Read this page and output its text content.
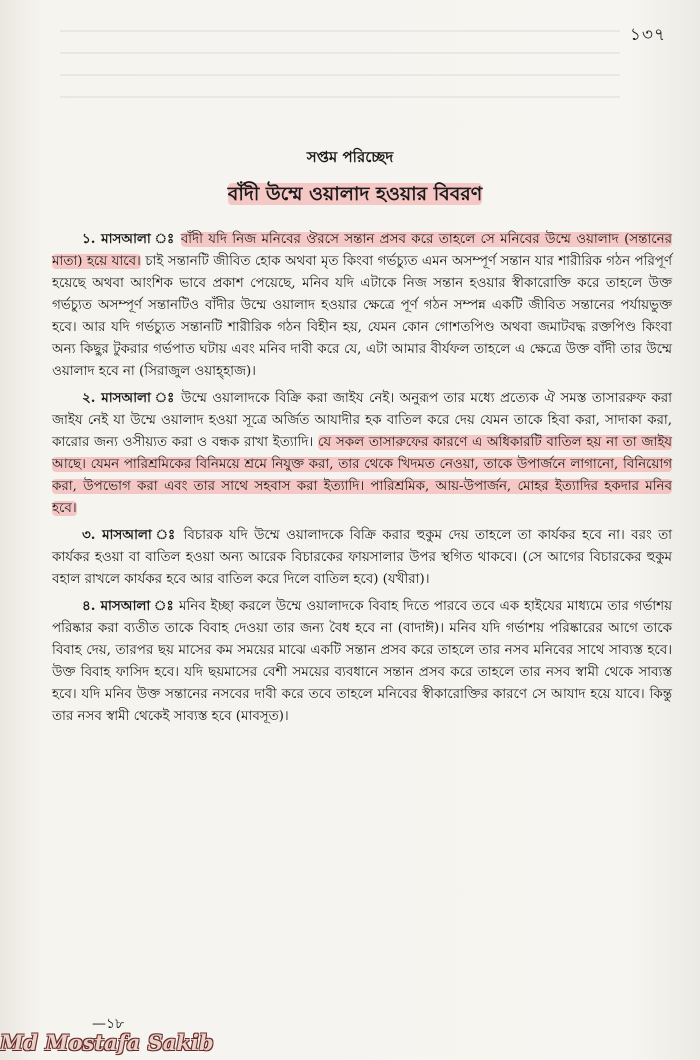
১৩৭
সপ্তম পরিচ্ছেদ
বাঁদী উম্মে ওয়ালাদ হওয়ার বিবরণ

১. মাসআলা ঃ বাঁদী যদি নিজ মনিবের ঔরসে সন্তান প্রসব করে তাহলে সে মনিবের উম্মে ওয়ালাদ (সন্তানের মাতা) হয়ে যাবে। চাই সন্তানটি জীবিত হোক অথবা মৃত কিংবা গর্ভচ্যুত এমন অসম্পূর্ণ সন্তান যার শারীরিক গঠন পরিপূর্ণ হয়েছে অথবা আংশিক ভাবে প্রকাশ পেয়েছে, মনিব যদি এটাকে নিজ সন্তান হওয়ার স্বীকারোক্তি করে তাহলে উক্ত গর্ভচ্যুত অসম্পূর্ণ সন্তানটিও বাঁদীর উম্মে ওয়ালাদ হওয়ার ক্ষেত্রে পূর্ণ গঠন সম্পন্ন একটি জীবিত সন্তানের পর্যায়ভুক্ত হবে। আর যদি গর্ভচ্যুত সন্তানটি শারীরিক গঠন বিহীন হয়, যেমন কোন গোশতপিণ্ড অথবা জমাটবদ্ধ রক্তপিণ্ড কিংবা অন্য কিছুর টুকরার গর্ভপাত ঘটায় এবং মনিব দাবী করে যে, এটা আমার বীর্যফল তাহলে এ ক্ষেত্রে উক্ত বাঁদী তার উম্মে ওয়ালাদ হবে না (সিরাজুল ওয়াহ্হাজ)।

২. মাসআলা ঃ উম্মে ওয়ালাদকে বিক্রি করা জাইয নেই। অনুরূপ তার মধ্যে প্রত্যেক ঐ সমস্ত তাসাররুফ করা জাইয নেই যা উম্মে ওয়ালাদ হওয়া সূত্রে অর্জিত আযাদীর হক বাতিল করে দেয় যেমন তাকে হিবা করা, সাদাকা করা, কারোর জন্য ওসীয়্যত করা ও বন্ধক রাখা ইত্যাদি। যে সকল তাসারুফের কারণে এ অধিকারটি বাতিল হয় না তা জাইয আছে। যেমন পারিশ্রমিকের বিনিময়ে শ্রমে নিযুক্ত করা, তার থেকে খিদমত নেওয়া, তাকে উপার্জনে লাগানো, বিনিয়োগ করা, উপভোগ করা এবং তার সাথে সহবাস করা ইত্যাদি। পারিশ্রমিক, আয়-উপার্জন, মোহর ইত্যাদির হকদার মনিব হবে।

৩. মাসআলা ঃ বিচারক যদি উম্মে ওয়ালাদকে বিক্রি করার হুকুম দেয় তাহলে তা কার্যকর হবে না। বরং তা কার্যকর হওয়া বা বাতিল হওয়া অন্য আরেক বিচারকের ফায়সালার উপর স্থগিত থাকবে। (সে আগের বিচারকের হুকুম বহাল রাখলে কার্যকর হবে আর বাতিল করে দিলে বাতিল হবে) (যখীরা)।

৪. মাসআলা ঃ মনিব ইচ্ছা করলে উম্মে ওয়ালাদকে বিবাহ দিতে পারবে তবে এক হাইযের মাধ্যমে তার গর্ভাশয় পরিষ্কার করা ব্যতীত তাকে বিবাহ দেওয়া তার জন্য বৈধ হবে না (বাদাঈ)। মনিব যদি গর্ভাশয় পরিষ্কারের আগে তাকে বিবাহ দেয়, তারপর ছয় মাসের কম সময়ের মাঝে একটি সন্তান প্রসব করে তাহলে তার নসব মনিবের সাথে সাব্যস্ত হবে। উক্ত বিবাহ ফাসিদ হবে। যদি ছয়মাসের বেশী সময়ের ব্যবধানে সন্তান প্রসব করে তাহলে তার নসব স্বামী থেকে সাব্যস্ত হবে। যদি মনিব উক্ত সন্তানের নসবের দাবী করে তবে তাহলে মনিবের স্বীকারোক্তির কারণে সে আযাদ হয়ে যাবে। কিন্তু তার নসব স্বামী থেকেই সাব্যস্ত হবে (মাবসূত)।

—১৮
Md Mostafa Sakib
